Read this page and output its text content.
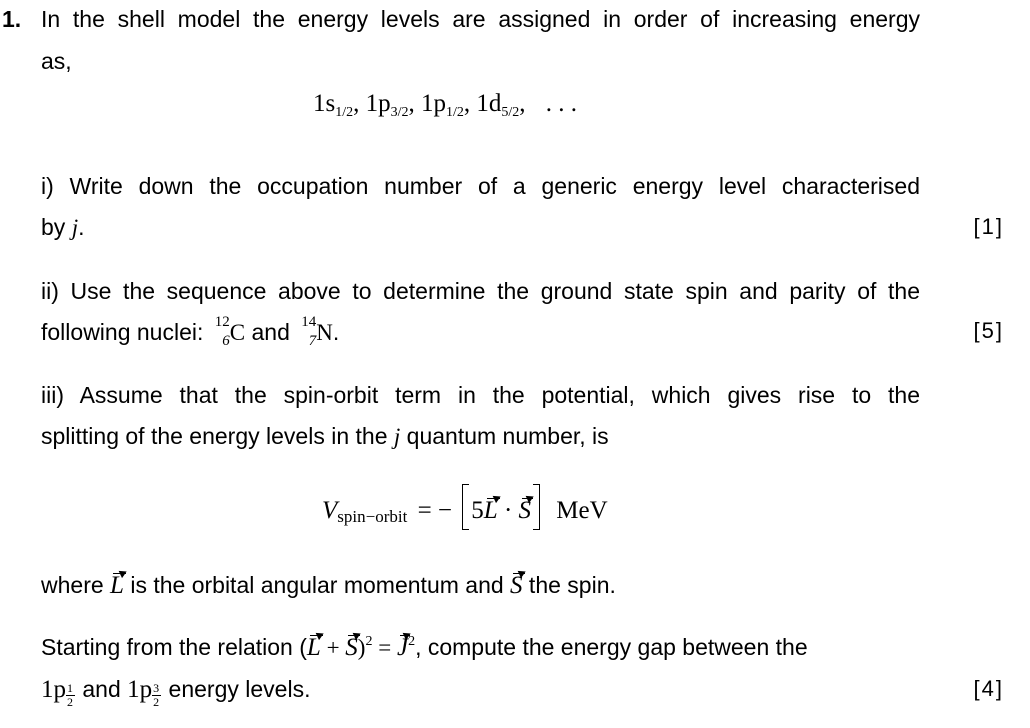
1. In the shell model the energy levels are assigned in order of increasing energy
as,
$1s_{1/2}$, $1p_{3/2}$, $1p_{1/2}$, $1d_{5/2}$, . . .
i) Write down the occupation number of a generic energy level characterised
by j.	[1]
ii) Use the sequence above to determine the ground state spin and parity of the
following nuclei: 12
6 C and 14
7 N.	[5]
iii) Assume that the spin-orbit term in the potential, which gives rise to the
splitting of the energy levels in the j quantum number, is
Vspin−orbit = − 5L · S MeV
where L is the orbital angular momentum and S the spin.
Starting from the relation $(L + S)^2 = J^2$, compute the energy gap between the
$1p \frac{1}{2}$ and $1p \frac{3}{2}$ energy levels.	[4]
